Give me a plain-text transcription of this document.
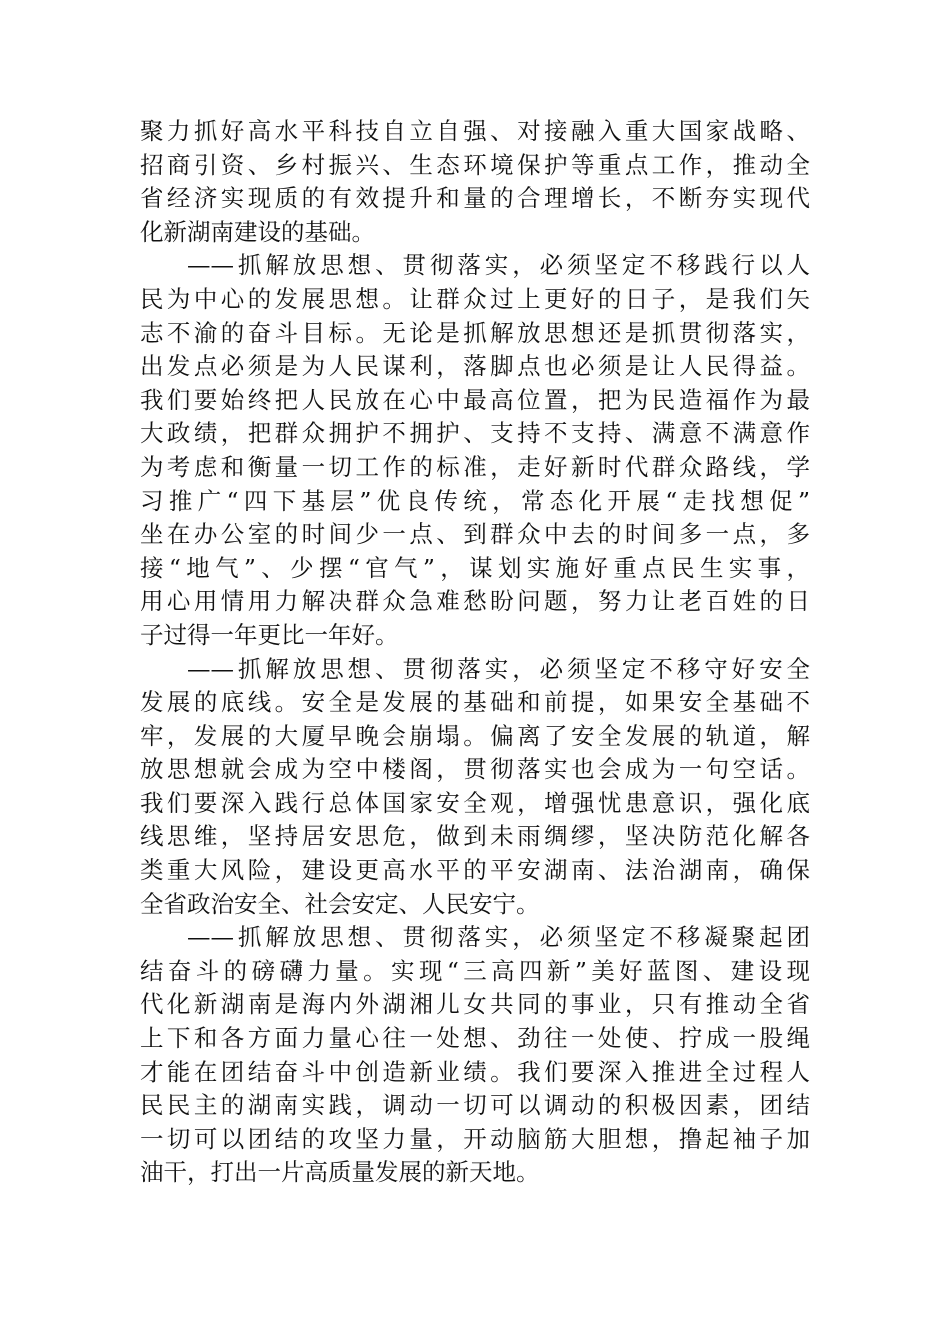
聚力抓好高水平科技自立自强、对接融入重大国家战略、
招商引资、乡村振兴、生态环境保护等重点工作，推动全
省经济实现质的有效提升和量的合理增长，不断夯实现代
化新湖南建设的基础。
——抓解放思想、贯彻落实，必须坚定不移践行以人
民为中心的发展思想。让群众过上更好的日子，是我们矢
志不渝的奋斗目标。无论是抓解放思想还是抓贯彻落实，
出发点必须是为人民谋利，落脚点也必须是让人民得益。
我们要始终把人民放在心中最高位置，把为民造福作为最
大政绩，把群众拥护不拥护、支持不支持、满意不满意作
为考虑和衡量一切工作的标准，走好新时代群众路线，学
习推广“四下基层”优良传统，常态化开展“走找想促”
坐在办公室的时间少一点、到群众中去的时间多一点，多
接“地气”、少摆“官气”，谋划实施好重点民生实事，
用心用情用力解决群众急难愁盼问题，努力让老百姓的日
子过得一年更比一年好。
——抓解放思想、贯彻落实，必须坚定不移守好安全
发展的底线。安全是发展的基础和前提，如果安全基础不
牢，发展的大厦早晚会崩塌。偏离了安全发展的轨道，解
放思想就会成为空中楼阁，贯彻落实也会成为一句空话。
我们要深入践行总体国家安全观，增强忧患意识，强化底
线思维，坚持居安思危，做到未雨绸缪，坚决防范化解各
类重大风险，建设更高水平的平安湖南、法治湖南，确保
全省政治安全、社会安定、人民安宁。
——抓解放思想、贯彻落实，必须坚定不移凝聚起团
结奋斗的磅礴力量。实现“三高四新”美好蓝图、建设现
代化新湖南是海内外湖湘儿女共同的事业，只有推动全省
上下和各方面力量心往一处想、劲往一处使、拧成一股绳
才能在团结奋斗中创造新业绩。我们要深入推进全过程人
民民主的湖南实践，调动一切可以调动的积极因素，团结
一切可以团结的攻坚力量，开动脑筋大胆想，撸起袖子加
油干，打出一片高质量发展的新天地。
